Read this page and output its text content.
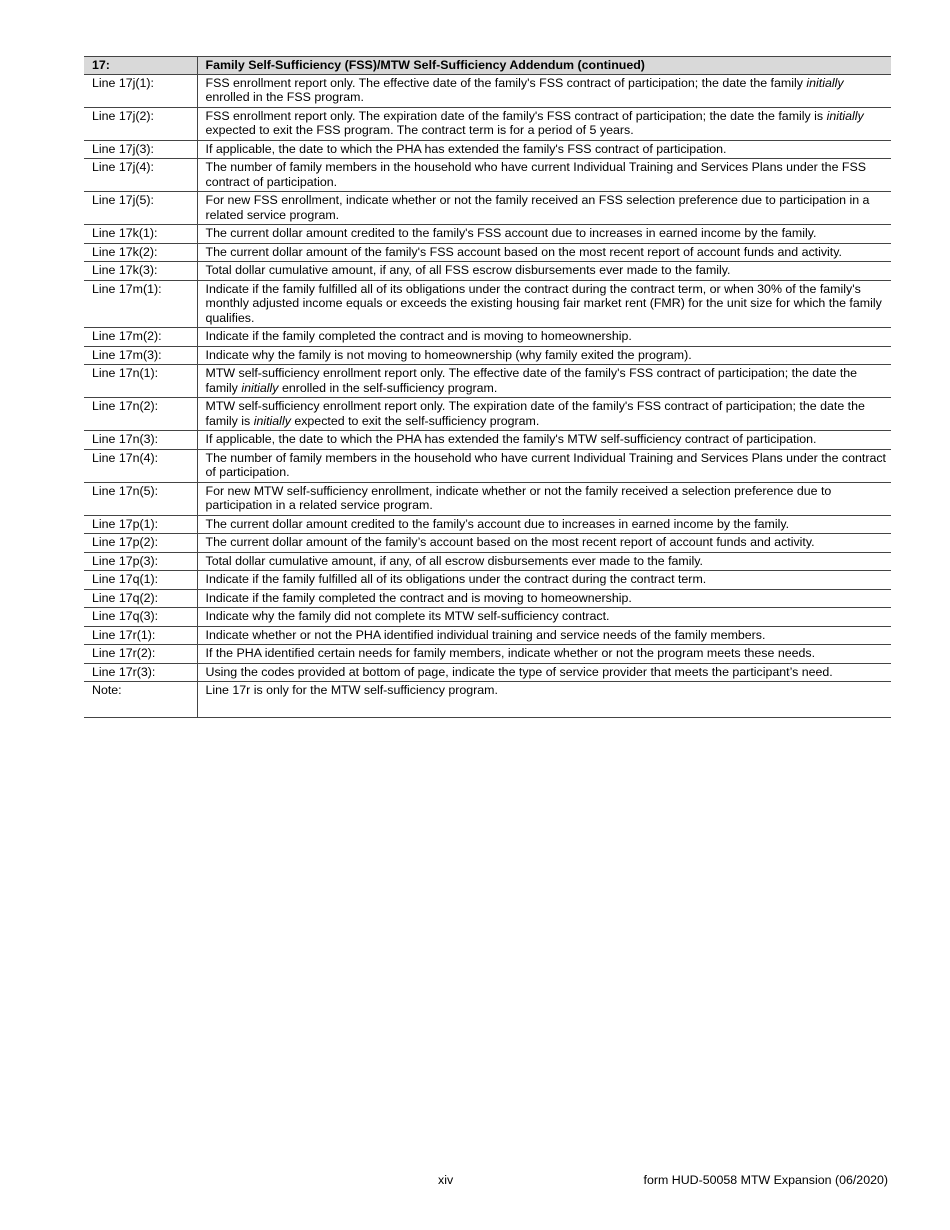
17:	Family Self-Sufficiency (FSS)/MTW Self-Sufficiency Addendum (continued)
Line 17j(1):	FSS enrollment report only. The effective date of the family's FSS contract of participation; the date the family initially enrolled in the FSS program.
Line 17j(2):	FSS enrollment report only. The expiration date of the family's FSS contract of participation; the date the family is initially expected to exit the FSS program. The contract term is for a period of 5 years.
Line 17j(3):	If applicable, the date to which the PHA has extended the family's FSS contract of participation.
Line 17j(4):	The number of family members in the household who have current Individual Training and Services Plans under the FSS contract of participation.
Line 17j(5):	For new FSS enrollment, indicate whether or not the family received an FSS selection preference due to participation in a related service program.
Line 17k(1):	The current dollar amount credited to the family's FSS account due to increases in earned income by the family.
Line 17k(2):	The current dollar amount of the family's FSS account based on the most recent report of account funds and activity.
Line 17k(3):	Total dollar cumulative amount, if any, of all FSS escrow disbursements ever made to the family.
Line 17m(1):	Indicate if the family fulfilled all of its obligations under the contract during the contract term, or when 30% of the family's monthly adjusted income equals or exceeds the existing housing fair market rent (FMR) for the unit size for which the family qualifies.
Line 17m(2):	Indicate if the family completed the contract and is moving to homeownership.
Line 17m(3):	Indicate why the family is not moving to homeownership (why family exited the program).
Line 17n(1):	MTW self-sufficiency enrollment report only. The effective date of the family's FSS contract of participation; the date the family initially enrolled in the self-sufficiency program.
Line 17n(2):	MTW self-sufficiency enrollment report only. The expiration date of the family's FSS contract of participation; the date the family is initially expected to exit the self-sufficiency program.
Line 17n(3):	If applicable, the date to which the PHA has extended the family's MTW self-sufficiency contract of participation.
Line 17n(4):	The number of family members in the household who have current Individual Training and Services Plans under the contract of participation.
Line 17n(5):	For new MTW self-sufficiency enrollment, indicate whether or not the family received a selection preference due to participation in a related service program.
Line 17p(1):	The current dollar amount credited to the family’s account due to increases in earned income by the family.
Line 17p(2):	The current dollar amount of the family’s account based on the most recent report of account funds and activity.
Line 17p(3):	Total dollar cumulative amount, if any, of all escrow disbursements ever made to the family.
Line 17q(1):	Indicate if the family fulfilled all of its obligations under the contract during the contract term.
Line 17q(2):	Indicate if the family completed the contract and is moving to homeownership.
Line 17q(3):	Indicate why the family did not complete its MTW self-sufficiency contract.
Line 17r(1):	Indicate whether or not the PHA identified individual training and service needs of the family members.
Line 17r(2):	If the PHA identified certain needs for family members, indicate whether or not the program meets these needs.
Line 17r(3):	Using the codes provided at bottom of page, indicate the type of service provider that meets the participant’s need.
Note:	Line 17r is only for the MTW self-sufficiency program.
xiv	form HUD-50058 MTW Expansion (06/2020)
